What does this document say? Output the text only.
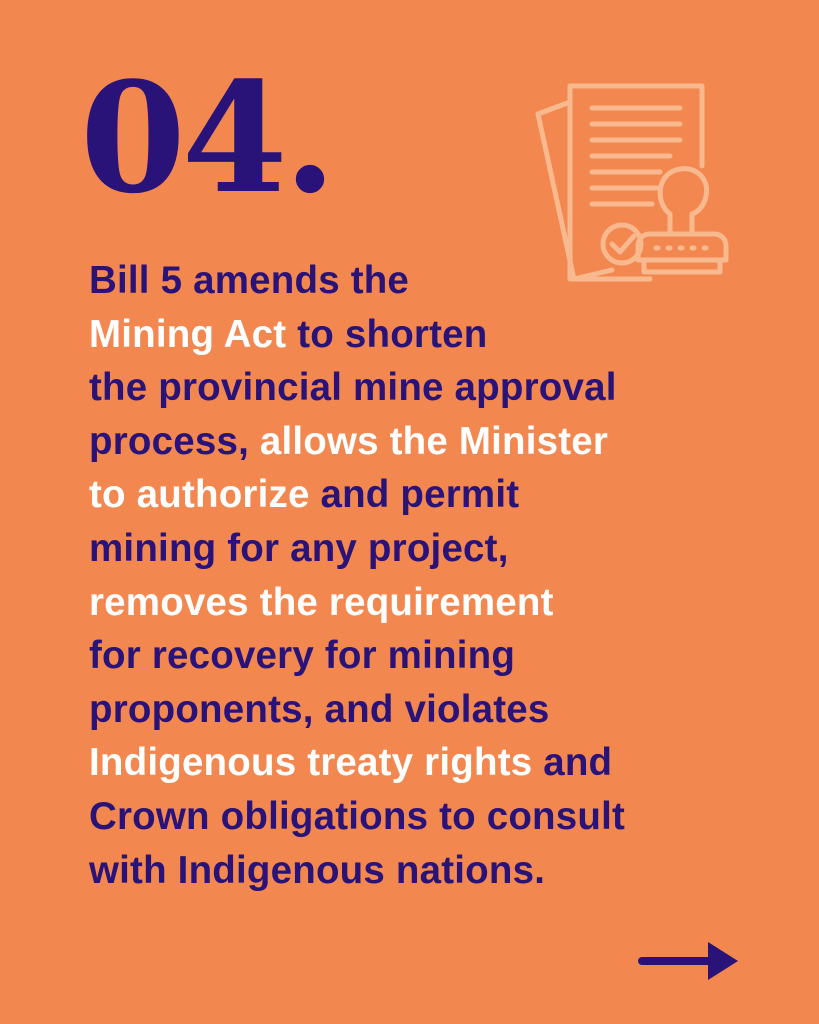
04.

Bill 5 amends the
Mining Act to shorten
the provincial mine approval
process, allows the Minister
to authorize and permit
mining for any project,
removes the requirement
for recovery for mining
proponents, and violates
Indigenous treaty rights and
Crown obligations to consult
with Indigenous nations.
